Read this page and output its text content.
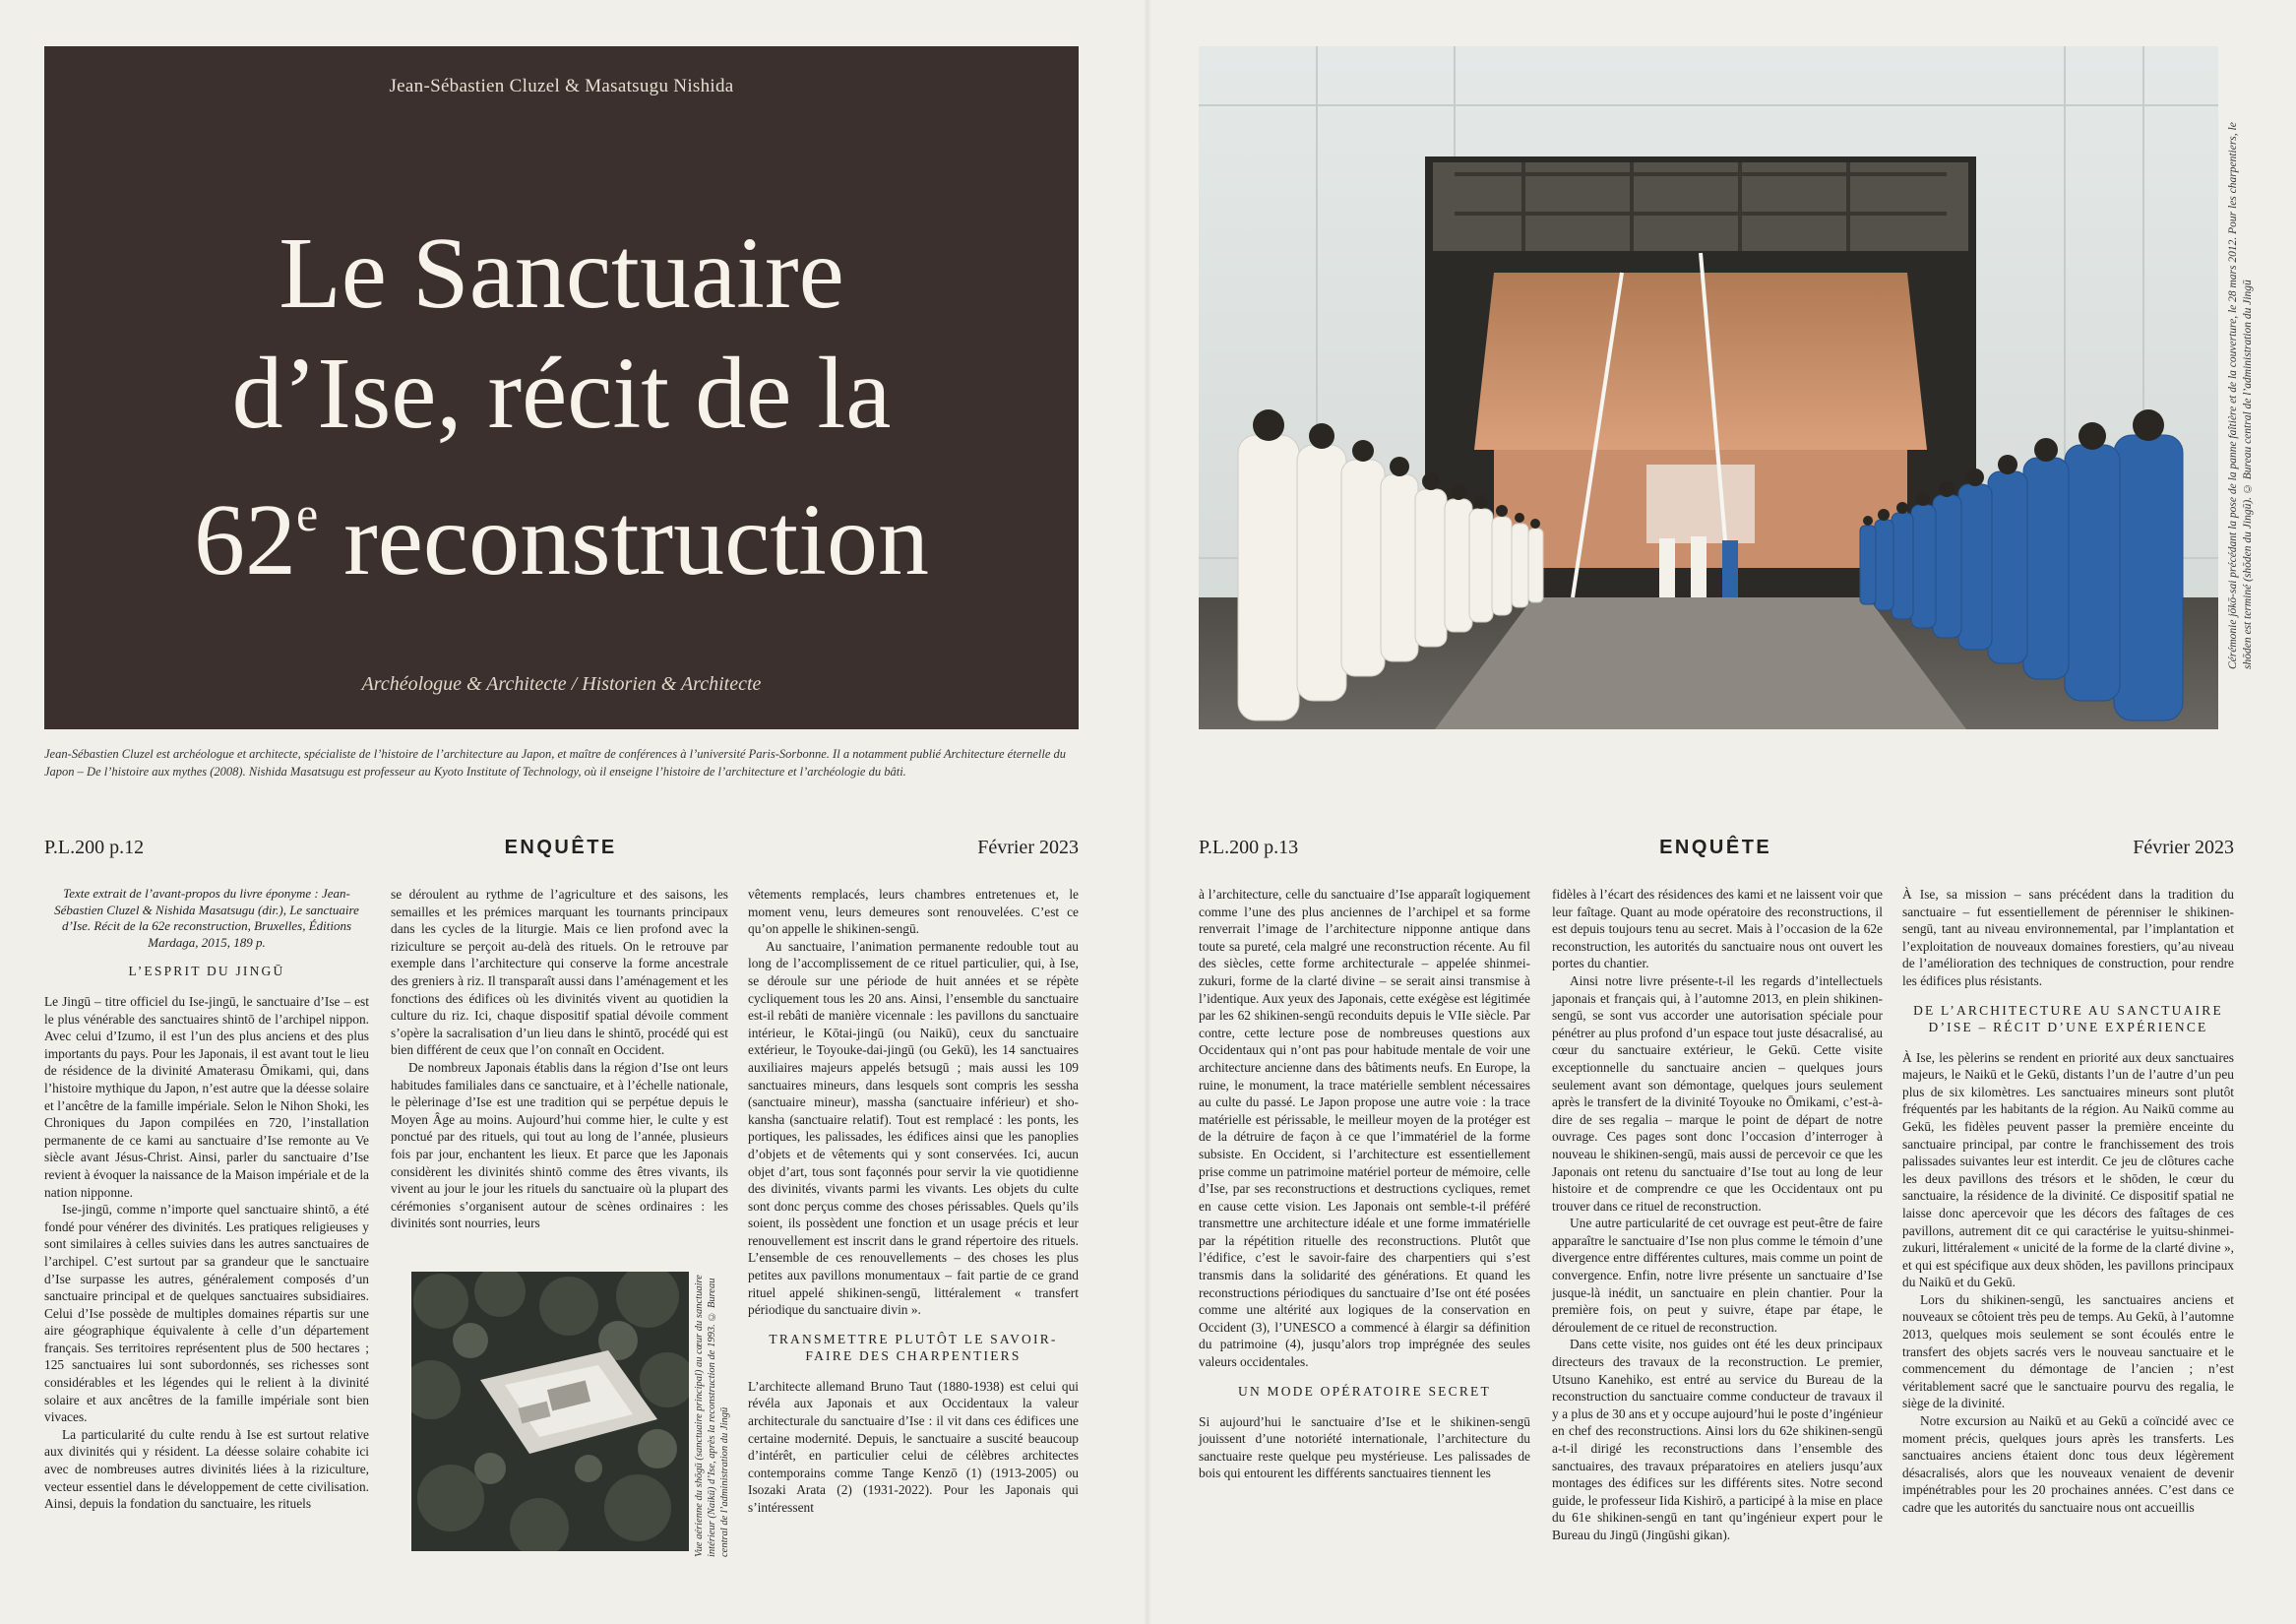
Jean-Sébastien Cluzel & Masatsugu Nishida
Le Sanctuaire
d’Ise, récit de la
62e reconstruction
Archéologue & Architecte / Historien & Architecte
Jean-Sébastien Cluzel est archéologue et architecte, spécialiste de l’histoire de l’architecture au Japon, et maître de conférences à l’université Paris-Sorbonne. Il a notamment publié Architecture éternelle du Japon – De l’histoire aux mythes (2008). Nishida Masatsugu est professeur au Kyoto Institute of Technology, où il enseigne l’histoire de l’architecture et l’archéologie du bâti.
Cérémonie jōkō-sai précédant la pose de la panne faîtière et de la couverture, le 28 mars 2012. Pour les charpentiers, le shōden est terminé (shōden du Jingū). © Bureau central de l’administration du Jingū
P.L.200 p.12	ENQUÊTE	Février 2023	P.L.200 p.13	ENQUÊTE	Février 2023

Texte extrait de l’avant-propos du livre éponyme : Jean-Sébastien Cluzel & Nishida Masatsugu (dir.), Le sanctuaire d’Ise. Récit de la 62e reconstruction, Bruxelles, Éditions Mardaga, 2015, 189 p.

L’ESPRIT DU JINGŪ

Le Jingū – titre officiel du Ise-jingū, le sanctuaire d’Ise – est le plus vénérable des sanctuaires shintō de l’archipel nippon. Avec celui d’Izumo, il est l’un des plus anciens et des plus importants du pays. Pour les Japonais, il est avant tout le lieu de résidence de la divinité Amaterasu Ōmikami, qui, dans l’histoire mythique du Japon, n’est autre que la déesse solaire et l’ancêtre de la famille impériale. Selon le Nihon Shoki, les Chroniques du Japon compilées en 720, l’installation permanente de ce kami au sanctuaire d’Ise remonte au Ve siècle avant Jésus-Christ. Ainsi, parler du sanctuaire d’Ise revient à évoquer la naissance de la Maison impériale et de la nation nipponne.

Ise-jingū, comme n’importe quel sanctuaire shintō, a été fondé pour vénérer des divinités. Les pratiques religieuses y sont similaires à celles suivies dans les autres sanctuaires de l’archipel. C’est surtout par sa grandeur que le sanctuaire d’Ise surpasse les autres, généralement composés d’un sanctuaire principal et de quelques sanctuaires subsidiaires. Celui d’Ise possède de multiples domaines répartis sur une aire géographique équivalente à celle d’un département français. Ses territoires représentent plus de 500 hectares ; 125 sanctuaires lui sont subordonnés, ses richesses sont considérables et les légendes qui le relient à la divinité solaire et aux ancêtres de la famille impériale sont bien vivaces.

La particularité du culte rendu à Ise est surtout relative aux divinités qui y résident. La déesse solaire cohabite ici avec de nombreuses autres divinités liées à la riziculture, vecteur essentiel dans le développement de cette civilisation. Ainsi, depuis la fondation du sanctuaire, les rituels

se déroulent au rythme de l’agriculture et des saisons, les semailles et les prémices marquant les tournants principaux dans les cycles de la liturgie. Mais ce lien profond avec la riziculture se perçoit au-delà des rituels. On le retrouve par exemple dans l’architecture qui conserve la forme ancestrale des greniers à riz. Il transparaît aussi dans l’aménagement et les fonctions des édifices où les divinités vivent au quotidien la culture du riz. Ici, chaque dispositif spatial dévoile comment s’opère la sacralisation d’un lieu dans le shintō, procédé qui est bien différent de ceux que l’on connaît en Occident.

De nombreux Japonais établis dans la région d’Ise ont leurs habitudes familiales dans ce sanctuaire, et à l’échelle nationale, le pèlerinage d’Ise est une tradition qui se perpétue depuis le Moyen Âge au moins. Aujourd’hui comme hier, le culte y est ponctué par des rituels, qui tout au long de l’année, plusieurs fois par jour, enchantent les lieux. Et parce que les Japonais considèrent les divinités shintō comme des êtres vivants, ils vivent au jour le jour les rituels du sanctuaire où la plupart des cérémonies s’organisent autour de scènes ordinaires : les divinités sont nourries, leurs

Vue aérienne du shōgū (sanctuaire principal) au cœur du sanctuaire intérieur (Naikū) d’Ise, après la reconstruction de 1993. © Bureau central de l’administration du Jingū

vêtements remplacés, leurs chambres entretenues et, le moment venu, leurs demeures sont renouvelées. C’est ce qu’on appelle le shikinen-sengū.

Au sanctuaire, l’animation permanente redouble tout au long de l’accomplissement de ce rituel particulier, qui, à Ise, se déroule sur une période de huit années et se répète cycliquement tous les 20 ans. Ainsi, l’ensemble du sanctuaire est-il rebâti de manière vicennale : les pavillons du sanctuaire intérieur, le Kōtai-jingū (ou Naikū), ceux du sanctuaire extérieur, le Toyouke-dai-jingū (ou Gekū), les 14 sanctuaires auxiliaires majeurs appelés betsugū ; mais aussi les 109 sanctuaires mineurs, dans lesquels sont compris les sessha (sanctuaire mineur), massha (sanctuaire inférieur) et sho-kansha (sanctuaire relatif). Tout est remplacé : les ponts, les portiques, les palissades, les édifices ainsi que les panoplies d’objets et de vêtements qui y sont conservées. Ici, aucun objet d’art, tous sont façonnés pour servir la vie quotidienne des divinités, vivants parmi les vivants. Les objets du culte sont donc perçus comme des choses périssables. Quels qu’ils soient, ils possèdent une fonction et un usage précis et leur renouvellement est inscrit dans le grand répertoire des rituels. L’ensemble de ces renouvellements – des choses les plus petites aux pavillons monumentaux – fait partie de ce grand rituel appelé shikinen-sengū, littéralement « transfert périodique du sanctuaire divin ».

TRANSMETTRE PLUTÔT LE SAVOIR-FAIRE DES CHARPENTIERS

L’architecte allemand Bruno Taut (1880-1938) est celui qui révéla aux Japonais et aux Occidentaux la valeur architecturale du sanctuaire d’Ise : il vit dans ces édifices une certaine modernité. Depuis, le sanctuaire a suscité beaucoup d’intérêt, en particulier celui de célèbres architectes contemporains comme Tange Kenzō (1) (1913-2005) ou Isozaki Arata (2) (1931-2022). Pour les Japonais qui s’intéressent

à l’architecture, celle du sanctuaire d’Ise apparaît logiquement comme l’une des plus anciennes de l’archipel et sa forme renverrait l’image de l’architecture nipponne antique dans toute sa pureté, cela malgré une reconstruction récente. Au fil des siècles, cette forme architecturale – appelée shinmei-zukuri, forme de la clarté divine – se serait ainsi transmise à l’identique. Aux yeux des Japonais, cette exégèse est légitimée par les 62 shikinen-sengū reconduits depuis le VIIe siècle. Par contre, cette lecture pose de nombreuses questions aux Occidentaux qui n’ont pas pour habitude mentale de voir une architecture ancienne dans des bâtiments neufs. En Europe, la ruine, le monument, la trace matérielle semblent nécessaires au culte du passé. Le Japon propose une autre voie : la trace matérielle est périssable, le meilleur moyen de la protéger est de la détruire de façon à ce que l’immatériel de la forme subsiste. En Occident, si l’architecture est essentiellement prise comme un patrimoine matériel porteur de mémoire, celle d’Ise, par ses reconstructions et destructions cycliques, remet en cause cette vision. Les Japonais ont semble-t-il préféré transmettre une architecture idéale et une forme immatérielle par la répétition rituelle des reconstructions. Plutôt que l’édifice, c’est le savoir-faire des charpentiers qui s’est transmis dans la solidarité des générations. Et quand les reconstructions périodiques du sanctuaire d’Ise ont été posées comme une altérité aux logiques de la conservation en Occident (3), l’UNESCO a commencé à élargir sa définition du patrimoine (4), jusqu’alors trop imprégnée des seules valeurs occidentales.

UN MODE OPÉRATOIRE SECRET

Si aujourd’hui le sanctuaire d’Ise et le shikinen-sengū jouissent d’une notoriété internationale, l’architecture du sanctuaire reste quelque peu mystérieuse. Les palissades de bois qui entourent les différents sanctuaires tiennent les

fidèles à l’écart des résidences des kami et ne laissent voir que leur faîtage. Quant au mode opératoire des reconstructions, il est depuis toujours tenu au secret. Mais à l’occasion de la 62e reconstruction, les autorités du sanctuaire nous ont ouvert les portes du chantier.

Ainsi notre livre présente-t-il les regards d’intellectuels japonais et français qui, à l’automne 2013, en plein shikinen-sengū, se sont vus accorder une autorisation spéciale pour pénétrer au plus profond d’un espace tout juste désacralisé, au cœur du sanctuaire extérieur, le Gekū. Cette visite exceptionnelle du sanctuaire ancien – quelques jours seulement avant son démontage, quelques jours seulement après le transfert de la divinité Toyouke no Ōmikami, c’est-à-dire de ses regalia – marque le point de départ de notre ouvrage. Ces pages sont donc l’occasion d’interroger à nouveau le shikinen-sengū, mais aussi de percevoir ce que les Japonais ont retenu du sanctuaire d’Ise tout au long de leur histoire et de comprendre ce que les Occidentaux ont pu trouver dans ce rituel de reconstruction.

Une autre particularité de cet ouvrage est peut-être de faire apparaître le sanctuaire d’Ise non plus comme le témoin d’une divergence entre différentes cultures, mais comme un point de convergence. Enfin, notre livre présente un sanctuaire d’Ise jusque-là inédit, un sanctuaire en plein chantier. Pour la première fois, on peut y suivre, étape par étape, le déroulement de ce rituel de reconstruction.

Dans cette visite, nos guides ont été les deux principaux directeurs des travaux de la reconstruction. Le premier, Utsuno Kanehiko, est entré au service du Bureau de la reconstruction du sanctuaire comme conducteur de travaux il y a plus de 30 ans et y occupe aujourd’hui le poste d’ingénieur en chef des reconstructions. Ainsi lors du 62e shikinen-sengū a-t-il dirigé les reconstructions dans l’ensemble des sanctuaires, des travaux préparatoires en ateliers jusqu’aux montages des édifices sur les différents sites. Notre second guide, le professeur Iida Kishirō, a participé à la mise en place du 61e shikinen-sengū en tant qu’ingénieur expert pour le Bureau du Jingū (Jingūshi gikan).

À Ise, sa mission – sans précédent dans la tradition du sanctuaire – fut essentiellement de pérenniser le shikinen-sengū, tant au niveau environnemental, par l’implantation et l’exploitation de nouveaux domaines forestiers, qu’au niveau de l’amélioration des techniques de construction, pour rendre les édifices plus résistants.

DE L’ARCHITECTURE AU SANCTUAIRE D’ISE – RÉCIT D’UNE EXPÉRIENCE

À Ise, les pèlerins se rendent en priorité aux deux sanctuaires majeurs, le Naikū et le Gekū, distants l’un de l’autre d’un peu plus de six kilomètres. Les sanctuaires mineurs sont plutôt fréquentés par les habitants de la région. Au Naikū comme au Gekū, les fidèles peuvent passer la première enceinte du sanctuaire principal, par contre le franchissement des trois palissades suivantes leur est interdit. Ce jeu de clôtures cache les deux pavillons des trésors et le shōden, le cœur du sanctuaire, la résidence de la divinité. Ce dispositif spatial ne laisse donc apercevoir que les décors des faîtages de ces pavillons, autrement dit ce qui caractérise le yuitsu-shinmei-zukuri, littéralement « unicité de la forme de la clarté divine », et qui est spécifique aux deux shōden, les pavillons principaux du Naikū et du Gekū.

Lors du shikinen-sengū, les sanctuaires anciens et nouveaux se côtoient très peu de temps. Au Gekū, à l’automne 2013, quelques mois seulement se sont écoulés entre le transfert des objets sacrés vers le nouveau sanctuaire et le commencement du démontage de l’ancien ; n’est véritablement sacré que le sanctuaire pourvu des regalia, le siège de la divinité.

Notre excursion au Naikū et au Gekū a coïncidé avec ce moment précis, quelques jours après les transferts. Les sanctuaires anciens étaient donc tous deux légèrement désacralisés, alors que les nouveaux venaient de devenir impénétrables pour les 20 prochaines années. C’est dans ce cadre que les autorités du sanctuaire nous ont accueillis
